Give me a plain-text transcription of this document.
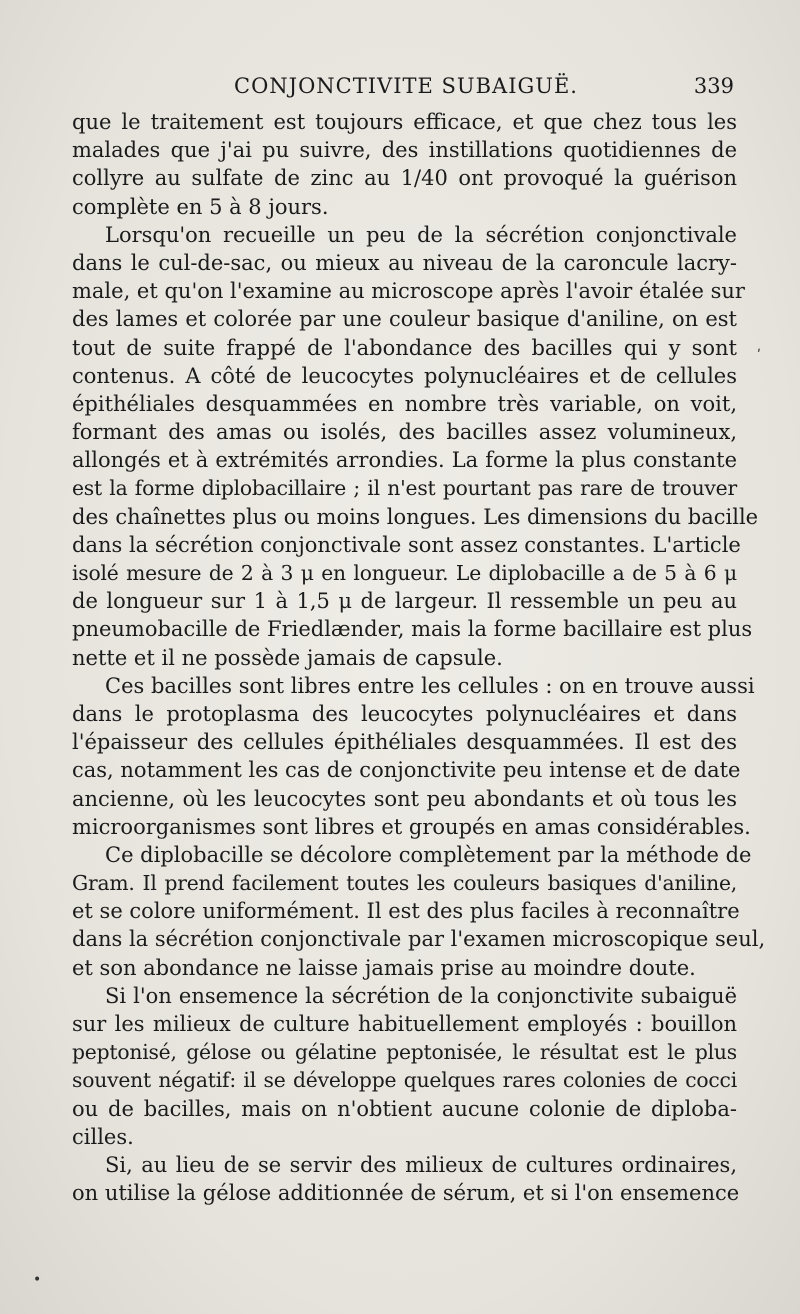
CONJONCTIVITE SUBAIGUË.	339

que le traitement est toujours efficace, et que chez tous les
malades que j'ai pu suivre, des instillations quotidiennes de
collyre au sulfate de zinc au 1/40 ont provoqué la guérison
complète en 5 à 8 jours.

Lorsqu'on recueille un peu de la sécrétion conjonctivale
dans le cul-de-sac, ou mieux au niveau de la caroncule lacry-
male, et qu'on l'examine au microscope après l'avoir étalée sur
des lames et colorée par une couleur basique d'aniline, on est
tout de suite frappé de l'abondance des bacilles qui y sont
contenus. A côté de leucocytes polynucléaires et de cellules
épithéliales desquammées en nombre très variable, on voit,
formant des amas ou isolés, des bacilles assez volumineux,
allongés et à extrémités arrondies. La forme la plus constante
est la forme diplobacillaire ; il n'est pourtant pas rare de trouver
des chaînettes plus ou moins longues. Les dimensions du bacille
dans la sécrétion conjonctivale sont assez constantes. L'article
isolé mesure de 2 à 3 μ en longueur. Le diplobacille a de 5 à 6 μ
de longueur sur 1 à 1,5 μ de largeur. Il ressemble un peu au
pneumobacille de Friedlænder, mais la forme bacillaire est plus
nette et il ne possède jamais de capsule.

Ces bacilles sont libres entre les cellules : on en trouve aussi
dans le protoplasma des leucocytes polynucléaires et dans
l'épaisseur des cellules épithéliales desquammées. Il est des
cas, notamment les cas de conjonctivite peu intense et de date
ancienne, où les leucocytes sont peu abondants et où tous les
microorganismes sont libres et groupés en amas considérables.

Ce diplobacille se décolore complètement par la méthode de
Gram. Il prend facilement toutes les couleurs basiques d'aniline,
et se colore uniformément. Il est des plus faciles à reconnaître
dans la sécrétion conjonctivale par l'examen microscopique seul,
et son abondance ne laisse jamais prise au moindre doute.

Si l'on ensemence la sécrétion de la conjonctivite subaiguë
sur les milieux de culture habituellement employés : bouillon
peptonisé, gélose ou gélatine peptonisée, le résultat est le plus
souvent négatif: il se développe quelques rares colonies de cocci
ou de bacilles, mais on n'obtient aucune colonie de diploba-
cilles.

Si, au lieu de se servir des milieux de cultures ordinaires,
on utilise la gélose additionnée de sérum, et si l'on ensemence

ʹ
•
